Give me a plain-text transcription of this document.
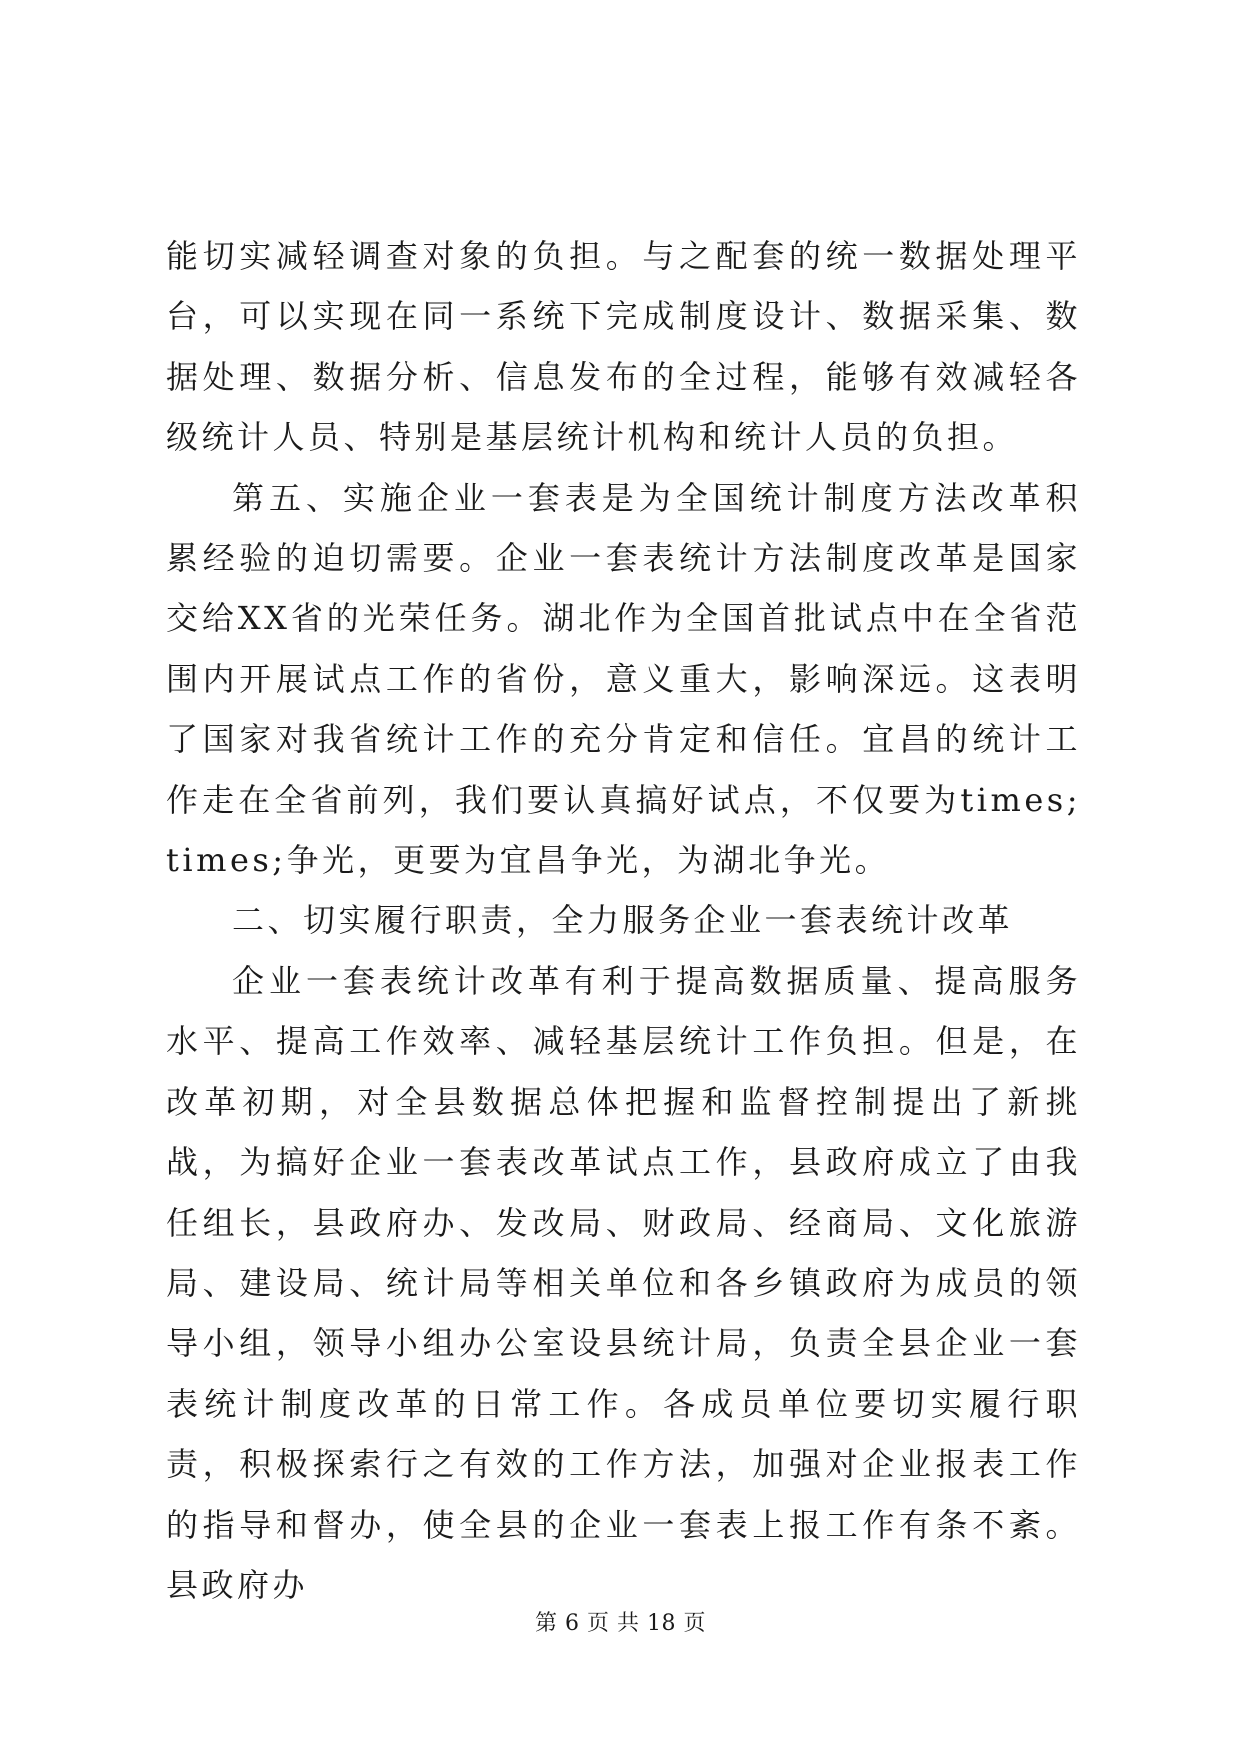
能切实减轻调查对象的负担。与之配套的统一数据处理平台，可以实现在同一系统下完成制度设计、数据采集、数据处理、数据分析、信息发布的全过程，能够有效减轻各级统计人员、特别是基层统计机构和统计人员的负担。

第五、实施企业一套表是为全国统计制度方法改革积累经验的迫切需要。企业一套表统计方法制度改革是国家交给XX省的光荣任务。湖北作为全国首批试点中在全省范围内开展试点工作的省份，意义重大，影响深远。这表明了国家对我省统计工作的充分肯定和信任。宜昌的统计工作走在全省前列，我们要认真搞好试点，不仅要为times;times;争光，更要为宜昌争光，为湖北争光。

二、切实履行职责，全力服务企业一套表统计改革

企业一套表统计改革有利于提高数据质量、提高服务水平、提高工作效率、减轻基层统计工作负担。但是，在改革初期，对全县数据总体把握和监督控制提出了新挑战，为搞好企业一套表改革试点工作，县政府成立了由我任组长，县政府办、发改局、财政局、经商局、文化旅游局、建设局、统计局等相关单位和各乡镇政府为成员的领导小组，领导小组办公室设县统计局，负责全县企业一套表统计制度改革的日常工作。各成员单位要切实履行职责，积极探索行之有效的工作方法，加强对企业报表工作的指导和督办，使全县的企业一套表上报工作有条不紊。县政府办

第 6 页 共 18 页
